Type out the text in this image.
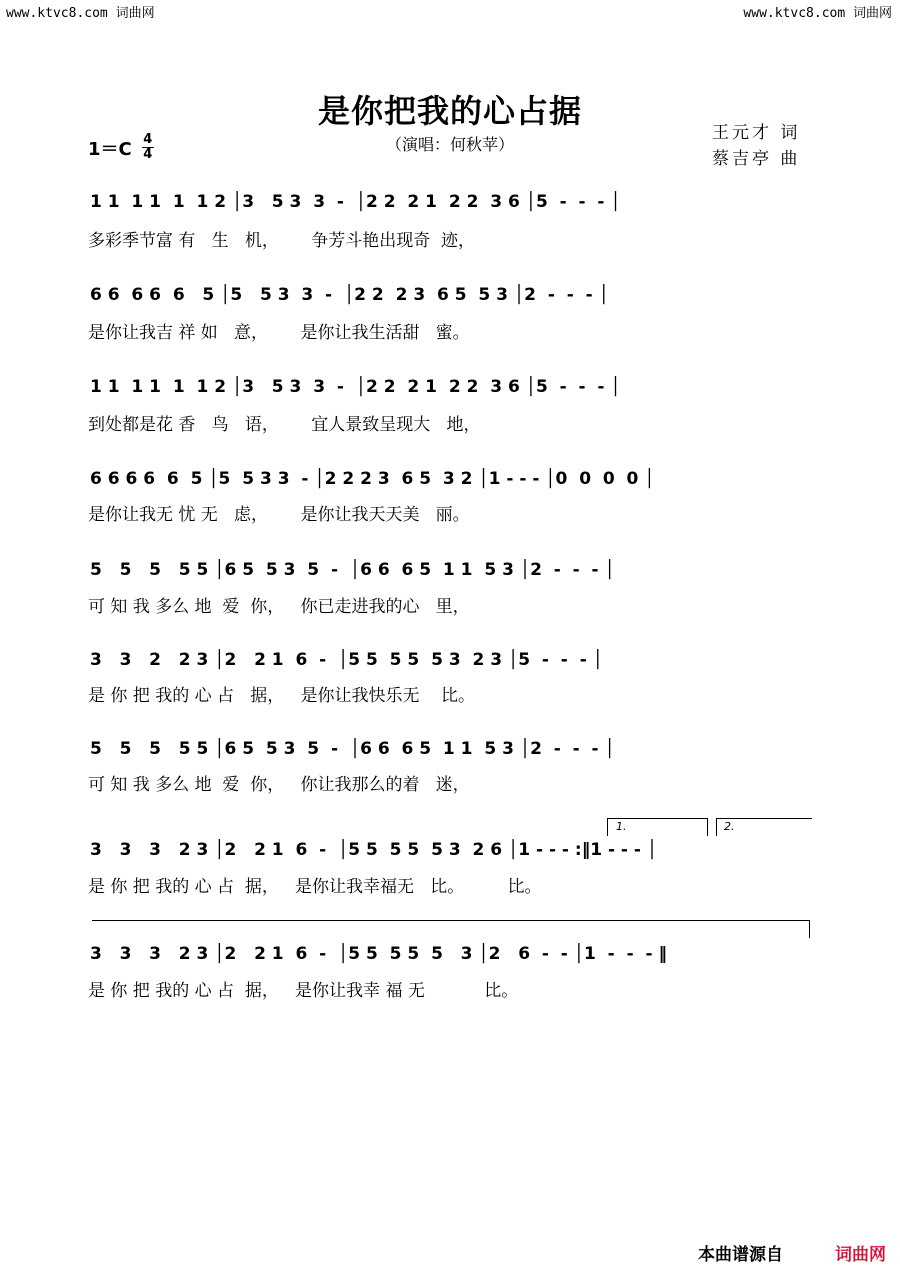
www.ktvc8.com 词曲网	www.ktvc8.com 词曲网
是你把我的心占据
（演唱：何秋苹）
$1=C \frac{4}{4}$
王元才 词
蔡吉亭 曲
1 1  1 1  1  1 2 │3   5 3  3  -  │2 2  2 1  2 2  3 6 │5  -  -  - │
多彩季节富 有   生   机，      争芳斗艳出现奇  迹，
6 6  6 6  6   5 │5   5 3  3  -  │2 2  2 3  6 5  5 3 │2  -  -  - │
是你让我吉 祥 如   意，      是你让我生活甜   蜜。
1 1  1 1  1  1 2 │3   5 3  3  -  │2 2  2 1  2 2  3 6 │5  -  -  - │
到处都是花 香   鸟   语，      宜人景致呈现大   地，
6 6 6 6  6  5 │5  5 3 3  - │2 2 2 3  6 5  3 2 │1 - - - │0  0  0  0 │
是你让我无 忧 无   虑，      是你让我天天美   丽。
5   5   5   5 5 │6 5  5 3  5  -  │6 6  6 5  1 1  5 3 │2  -  -  - │
可 知 我 多么 地  爱  你，   你已走进我的心   里，
3   3   2   2 3 │2   2 1  6  -  │5 5  5 5  5 3  2 3 │5  -  -  - │
是 你 把 我的 心 占   据，   是你让我快乐无    比。
5   5   5   5 5 │6 5  5 3  5  -  │6 6  6 5  1 1  5 3 │2  -  -  - │
可 知 我 多么 地  爱  你，   你让我那么的着   迷，
1.	2.
3   3   3   2 3 │2   2 1  6  -  │5 5  5 5  5 3  2 6 │1 - - - :‖1 - - - │
是 你 把 我的 心 占  据，   是你让我幸福无   比。        比。
3   3   3   2 3 │2   2 1  6  -  │5 5  5 5  5   3 │2   6  -  - │1  -  -  - ‖
是 你 把 我的 心 占  据，   是你让我幸 福 无           比。
本曲谱源自	词曲网
